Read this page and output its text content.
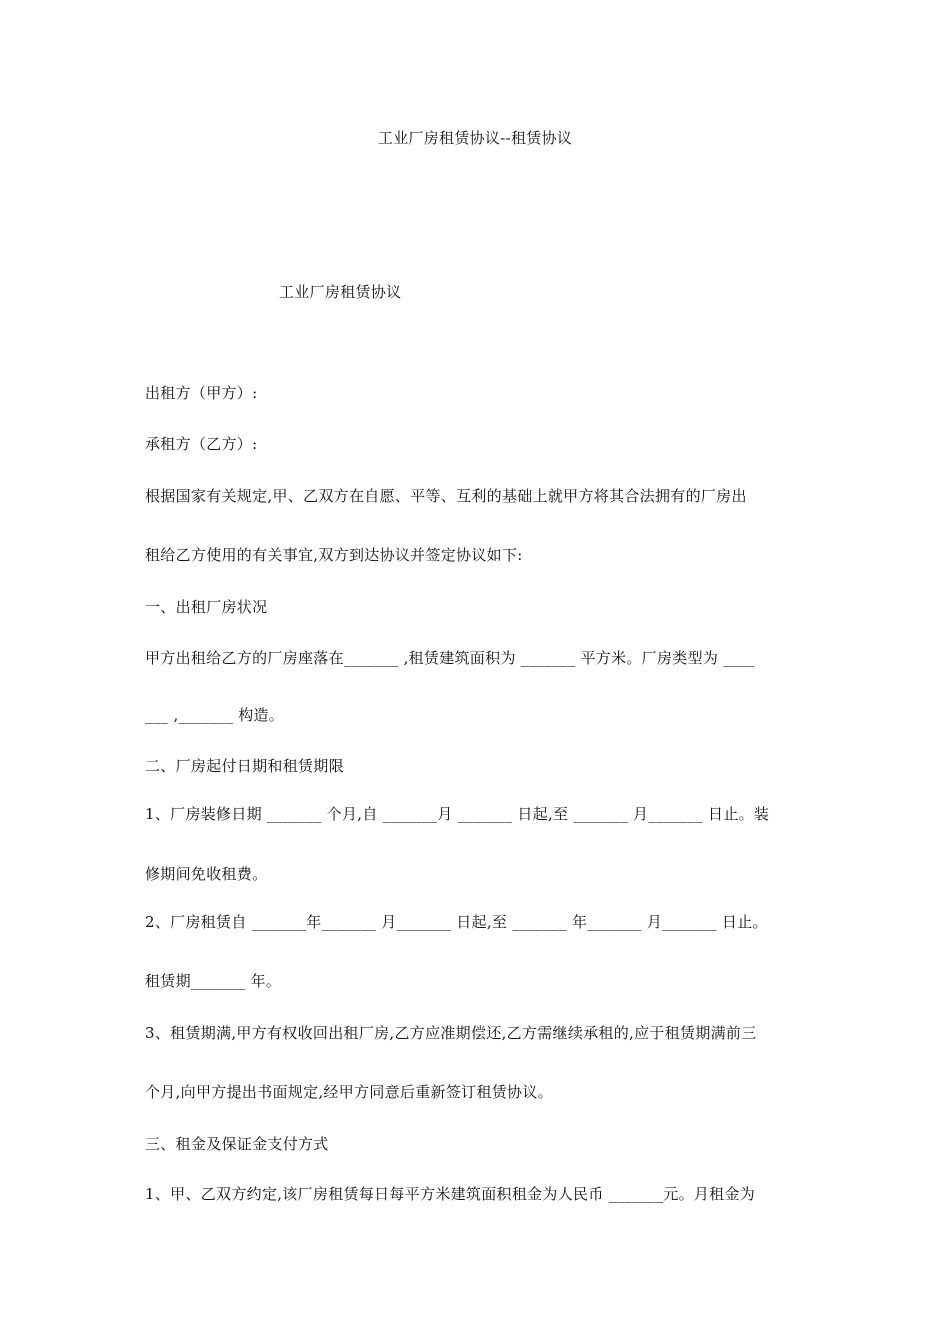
工业厂房租赁协议--租赁协议
工业厂房租赁协议
出租方（甲方）:
承租方（乙方）:
根据国家有关规定,甲、乙双方在自愿、平等、互利的基础上就甲方将其合法拥有的厂房出
租给乙方使用的有关事宜,双方到达协议并签定协议如下:
一、出租厂房状况
甲方出租给乙方的厂房座落在_______ ,租赁建筑面积为 _______ 平方米。厂房类型为 ____
___ ,_______ 构造。
二、厂房起付日期和租赁期限
1、厂房装修日期 _______ 个月,自 _______月 _______ 日起,至 _______ 月_______ 日止。装
修期间免收租费。
2、厂房租赁自 _______年_______ 月_______ 日起,至 _______ 年_______ 月_______ 日止。
租赁期_______ 年。
3、租赁期满,甲方有权收回出租厂房,乙方应准期偿还,乙方需继续承租的,应于租赁期满前三
个月,向甲方提出书面规定,经甲方同意后重新签订租赁协议。
三、租金及保证金支付方式
1、甲、乙双方约定,该厂房租赁每日每平方米建筑面积租金为人民币 _______元。月租金为
